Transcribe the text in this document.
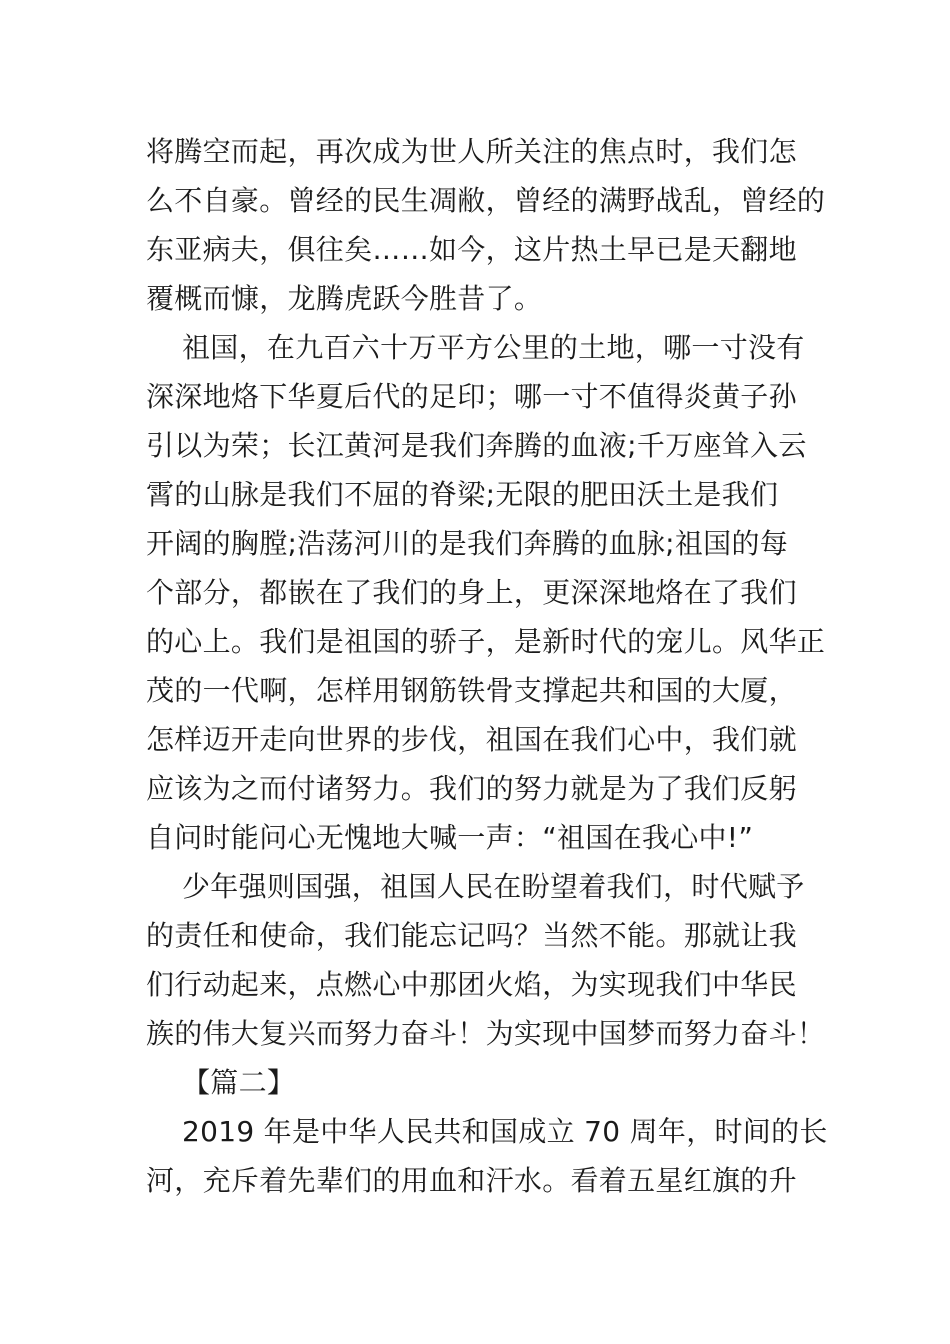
将腾空而起，再次成为世人所关注的焦点时，我们怎
么不自豪。曾经的民生凋敝，曾经的满野战乱，曾经的
东亚病夫，俱往矣……如今，这片热土早已是天翻地
覆概而慷，龙腾虎跃今胜昔了。
祖国，在九百六十万平方公里的土地，哪一寸没有
深深地烙下华夏后代的足印；哪一寸不值得炎黄子孙
引以为荣；长江黄河是我们奔腾的血液;千万座耸入云
霄的山脉是我们不屈的脊梁;无限的肥田沃土是我们
开阔的胸膛;浩荡河川的是我们奔腾的血脉;祖国的每
个部分，都嵌在了我们的身上，更深深地烙在了我们
的心上。我们是祖国的骄子，是新时代的宠儿。风华正
茂的一代啊，怎样用钢筋铁骨支撑起共和国的大厦，
怎样迈开走向世界的步伐，祖国在我们心中，我们就
应该为之而付诸努力。我们的努力就是为了我们反躬
自问时能问心无愧地大喊一声：“祖国在我心中!”
少年强则国强，祖国人民在盼望着我们，时代赋予
的责任和使命，我们能忘记吗？当然不能。那就让我
们行动起来，点燃心中那团火焰，为实现我们中华民
族的伟大复兴而努力奋斗！为实现中国梦而努力奋斗！
【篇二】
2019 年是中华人民共和国成立 70 周年，时间的长
河，充斥着先辈们的用血和汗水。看着五星红旗的升
